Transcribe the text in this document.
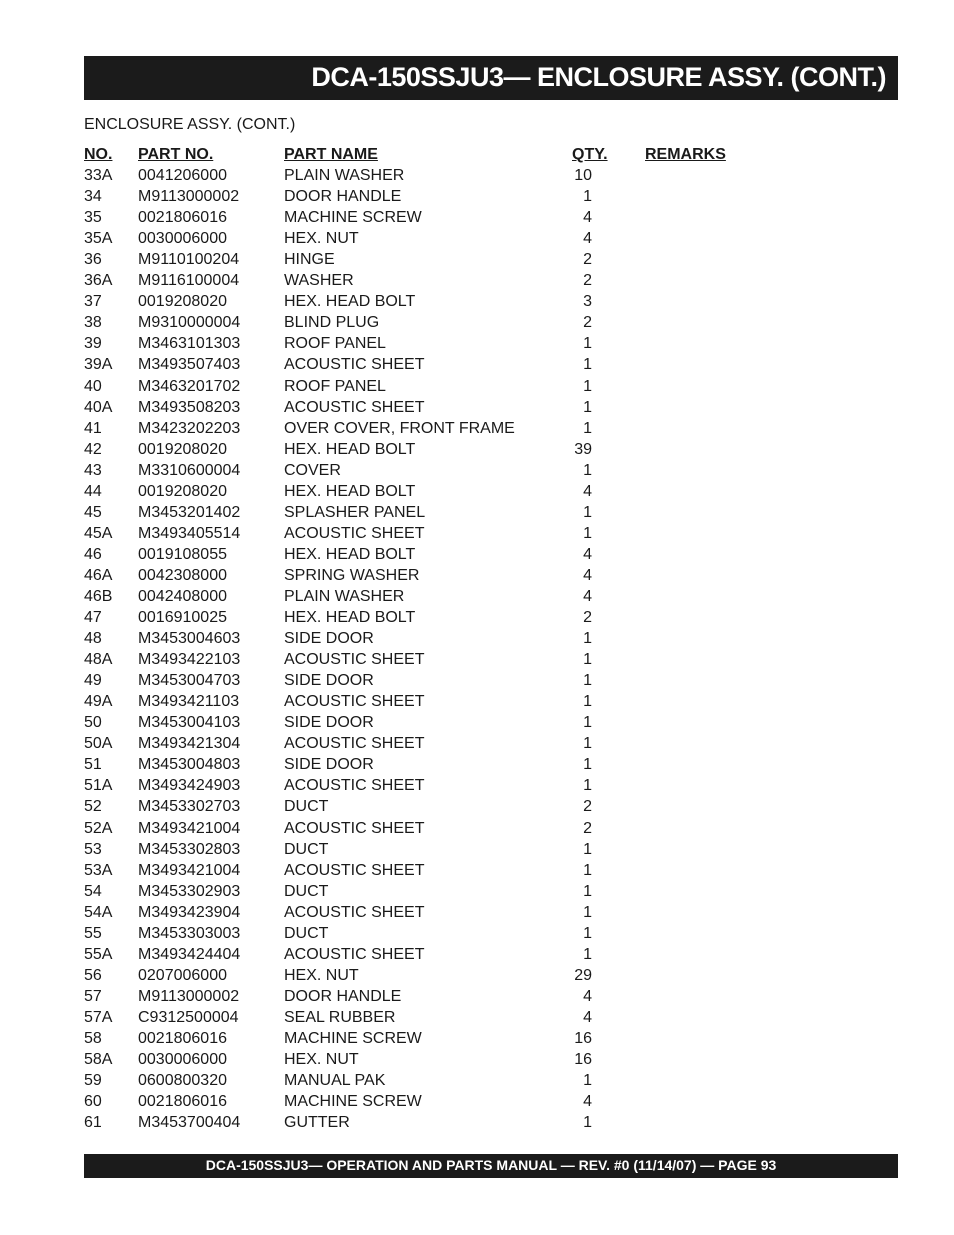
DCA-150SSJU3— ENCLOSURE ASSY. (CONT.)
ENCLOSURE ASSY. (CONT.)
NO. PART NO.	PART NAME	QTY. REMARKS
33A 0041206000	PLAIN WASHER	10
34 M9113000002	DOOR HANDLE	1
35 0021806016	MACHINE SCREW	4
35A 0030006000	HEX. NUT	4
36 M9110100204	HINGE	2
36A M9116100004	WASHER	2
37 0019208020	HEX. HEAD BOLT	3
38 M9310000004	BLIND PLUG	2
39 M3463101303	ROOF PANEL	1
39A M3493507403	ACOUSTIC SHEET	1
40 M3463201702	ROOF PANEL	1
40A M3493508203	ACOUSTIC SHEET	1
41 M3423202203	OVER COVER, FRONT FRAME	1
42 0019208020	HEX. HEAD BOLT	39
43 M3310600004	COVER	1
44 0019208020	HEX. HEAD BOLT	4
45 M3453201402	SPLASHER PANEL	1
45A M3493405514	ACOUSTIC SHEET	1
46 0019108055	HEX. HEAD BOLT	4
46A 0042308000	SPRING WASHER	4
46B 0042408000	PLAIN WASHER	4
47 0016910025	HEX. HEAD BOLT	2
48 M3453004603	SIDE DOOR	1
48A M3493422103	ACOUSTIC SHEET	1
49 M3453004703	SIDE DOOR	1
49A M3493421103	ACOUSTIC SHEET	1
50 M3453004103	SIDE DOOR	1
50A M3493421304	ACOUSTIC SHEET	1
51 M3453004803	SIDE DOOR	1
51A M3493424903	ACOUSTIC SHEET	1
52 M3453302703	DUCT	2
52A M3493421004	ACOUSTIC SHEET	2
53 M3453302803	DUCT	1
53A M3493421004	ACOUSTIC SHEET	1
54 M3453302903	DUCT	1
54A M3493423904	ACOUSTIC SHEET	1
55 M3453303003	DUCT	1
55A M3493424404	ACOUSTIC SHEET	1
56 0207006000	HEX. NUT	29
57 M9113000002	DOOR HANDLE	4
57A C9312500004	SEAL RUBBER	4
58 0021806016	MACHINE SCREW	16
58A 0030006000	HEX. NUT	16
59 0600800320	MANUAL PAK	1
60 0021806016	MACHINE SCREW	4
61 M3453700404	GUTTER	1
DCA-150SSJU3— OPERATION AND PARTS MANUAL — REV. #0 (11/14/07) — PAGE 93
